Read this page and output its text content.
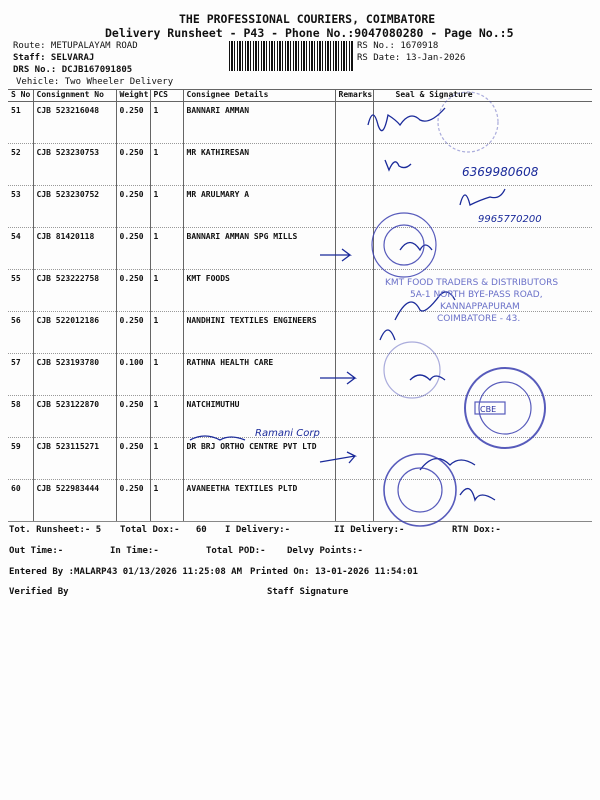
THE PROFESSIONAL COURIERS, COIMBATORE
Delivery Runsheet - P43 - Phone No.:9047080280 - Page No.:5
Route: METUPALAYAM ROAD
Staff: SELVARAJ
DRS No.: DCJB167091805
Vehicle: Two Wheeler Delivery
RS No.: 1670918
RS Date: 13-Jan-2026
S No	Consignment No	Weight	PCS	Consignee Details	Remarks	Seal & Signature
51	CJB 523216048	0.250	1	BANNARI AMMAN		
52	CJB 523230753	0.250	1	MR KATHIRESAN		
53	CJB 523230752	0.250	1	MR ARULMARY A		
54	CJB 81420118	0.250	1	BANNARI AMMAN SPG MILLS		
55	CJB 523222758	0.250	1	KMT FOODS		
56	CJB 522012186	0.250	1	NANDHINI TEXTILES ENGINEERS		
57	CJB 523193780	0.100	1	RATHNA HEALTH CARE		
58	CJB 523122870	0.250	1	NATCHIMUTHU		
59	CJB 523115271	0.250	1	DR BRJ ORTHO CENTRE PVT LTD		
60	CJB 522983444	0.250	1	AVANEETHA TEXTILES PLTD		
6369980608
9965770200
Ramani Corp
KMT FOOD TRADERS & DISTRIBUTORS
5A-1 NORTH BYE-PASS ROAD,
KANNAPPAPURAM
COIMBATORE - 43.
CBE
Tot. Runsheet:- 5 Total Dox:-   60 I Delivery:-	II Delivery:-	RTN Dox:-
Out Time:-	In Time:-	Total POD:- Delvy Points:-
Entered By :MALARP43 01/13/2026 11:25:08 AM Printed On: 13-01-2026 11:54:01
Verified By	Staff Signature
